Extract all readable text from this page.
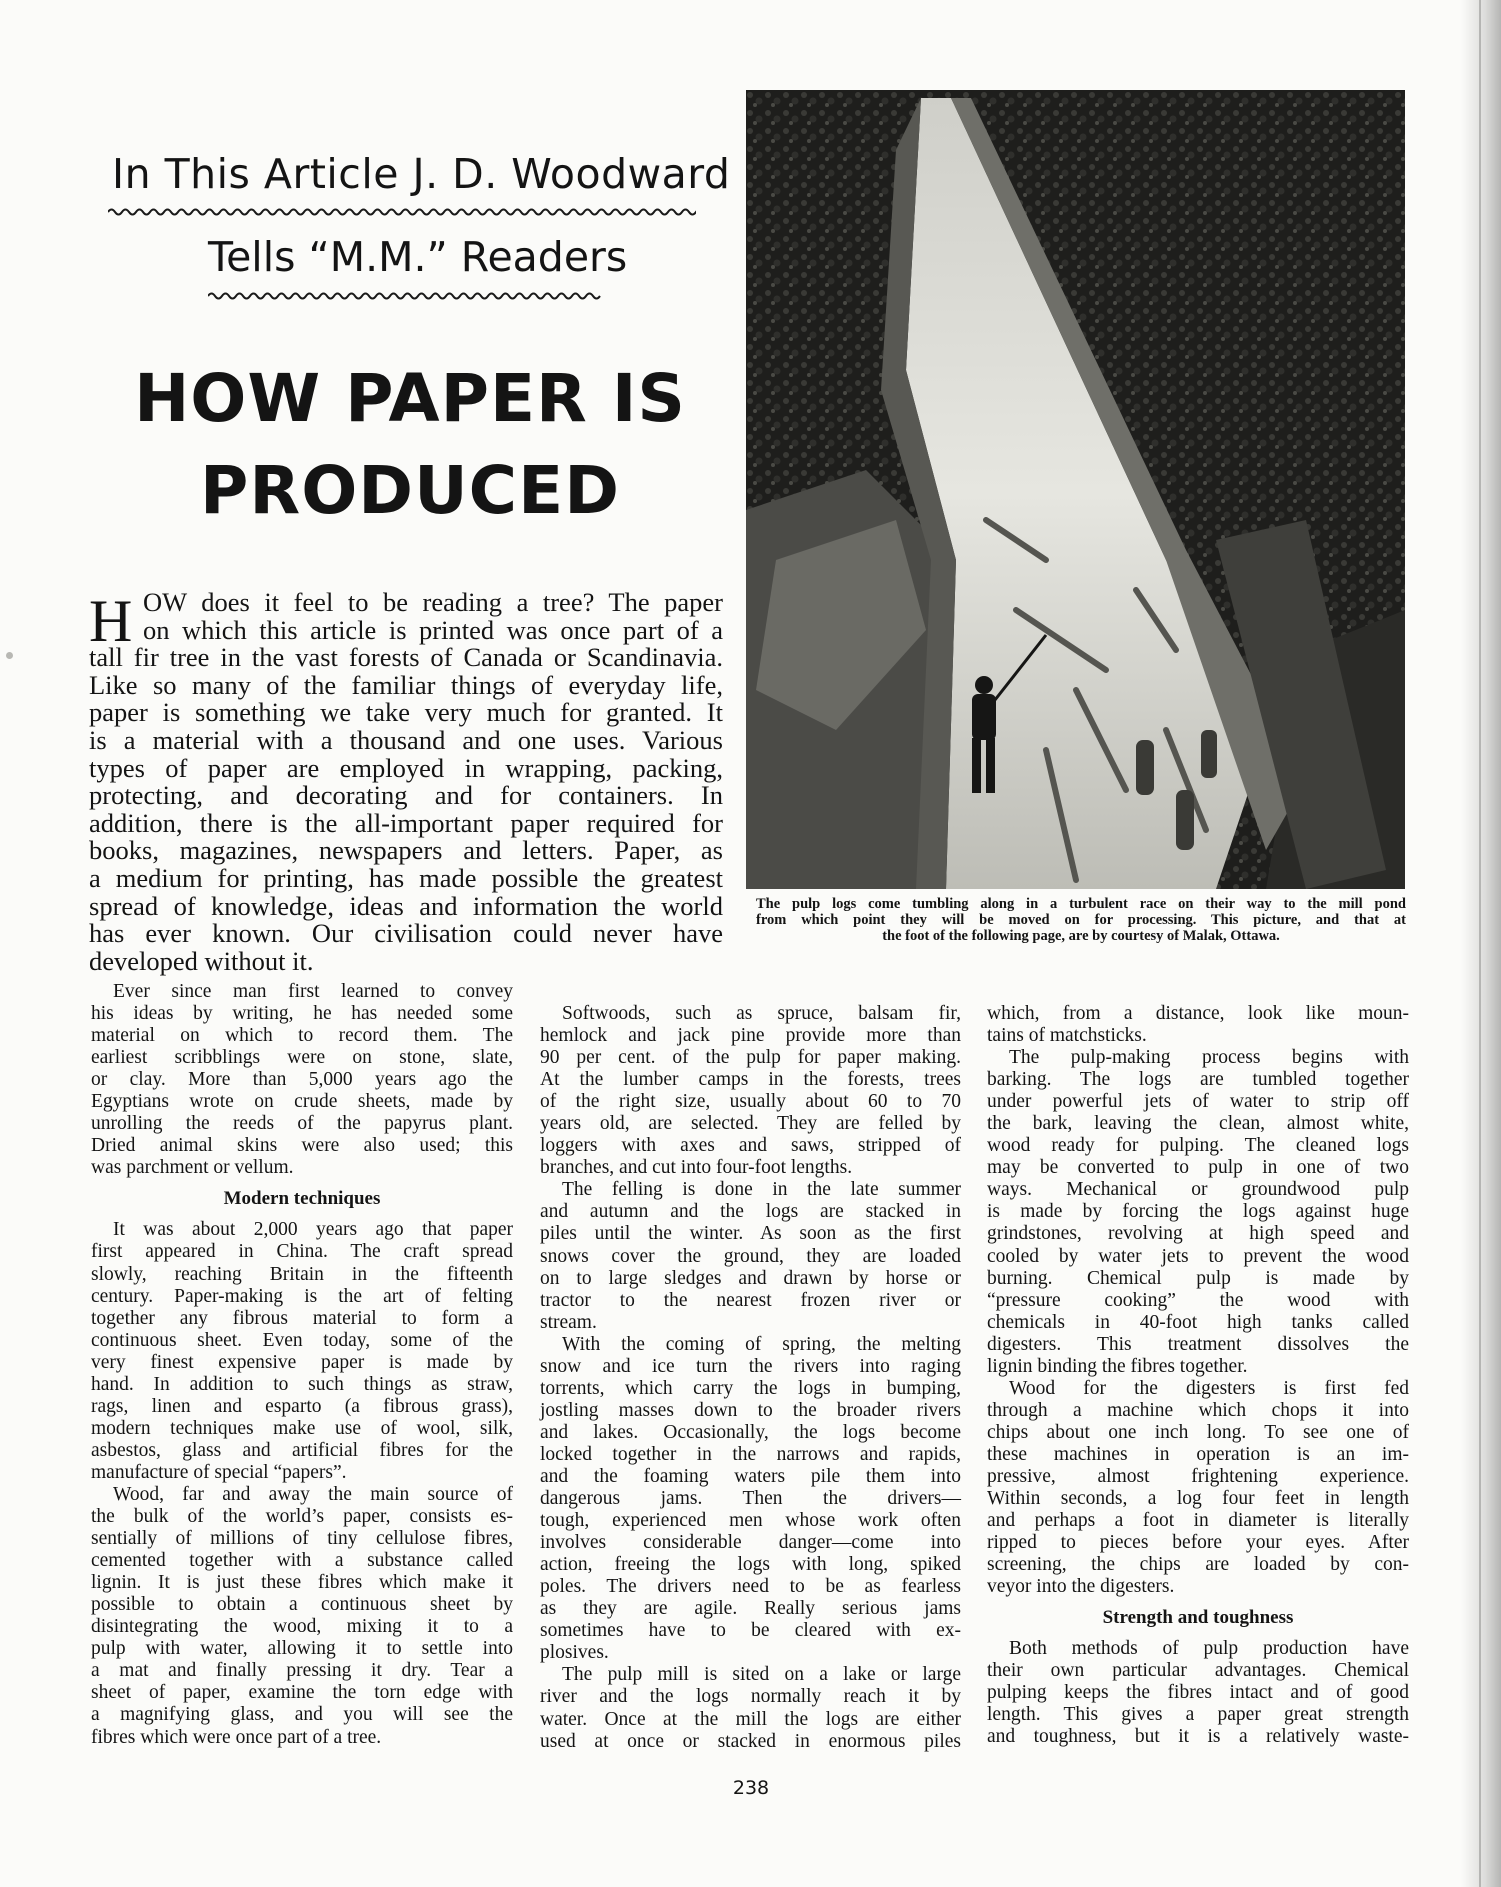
In This Article J. D. Woodward
Tells “M.M.” Readers
HOW PAPER IS
PRODUCED
H OW does it feel to be reading a tree? The paper
on which this article is printed was once part of a
tall fir tree in the vast forests of Canada or Scandinavia.
Like so many of the familiar things of everyday life,
paper is something we take very much for granted. It
is a material with a thousand and one uses. Various
types of paper are employed in wrapping, packing,
protecting, and decorating and for containers. In
addition, there is the all-important paper required for
books, magazines, newspapers and letters. Paper, as
a medium for printing, has made possible the greatest
spread of knowledge, ideas and information the world
has ever known. Our civilisation could never have
developed without it.
Ever since man first learned to convey
his ideas by writing, he has needed some
material on which to record them. The
earliest scribblings were on stone, slate,
or clay. More than 5,000 years ago the
Egyptians wrote on crude sheets, made by
unrolling the reeds of the papyrus plant.
Dried animal skins were also used; this
was parchment or vellum.
Modern techniques
It was about 2,000 years ago that paper
first appeared in China. The craft spread
slowly, reaching Britain in the fifteenth
century. Paper-making is the art of felting
together any fibrous material to form a
continuous sheet. Even today, some of the
very finest expensive paper is made by
hand. In addition to such things as straw,
rags, linen and esparto (a fibrous grass),
modern techniques make use of wool, silk,
asbestos, glass and artificial fibres for the
manufacture of special “papers”.
Wood, far and away the main source of
the bulk of the world’s paper, consists es-
sentially of millions of tiny cellulose fibres,
cemented together with a substance called
lignin. It is just these fibres which make it
possible to obtain a continuous sheet by
disintegrating the wood, mixing it to a
pulp with water, allowing it to settle into
a mat and finally pressing it dry. Tear a
sheet of paper, examine the torn edge with
a magnifying glass, and you will see the
fibres which were once part of a tree.
Softwoods, such as spruce, balsam fir,
hemlock and jack pine provide more than
90 per cent. of the pulp for paper making.
At the lumber camps in the forests, trees
of the right size, usually about 60 to 70
years old, are selected. They are felled by
loggers with axes and saws, stripped of
branches, and cut into four-foot lengths.
The felling is done in the late summer
and autumn and the logs are stacked in
piles until the winter. As soon as the first
snows cover the ground, they are loaded
on to large sledges and drawn by horse or
tractor to the nearest frozen river or
stream.
With the coming of spring, the melting
snow and ice turn the rivers into raging
torrents, which carry the logs in bumping,
jostling masses down to the broader rivers
and lakes. Occasionally, the logs become
locked together in the narrows and rapids,
and the foaming waters pile them into
dangerous jams. Then the drivers—
tough, experienced men whose work often
involves considerable danger—come into
action, freeing the logs with long, spiked
poles. The drivers need to be as fearless
as they are agile. Really serious jams
sometimes have to be cleared with ex-
plosives.
The pulp mill is sited on a lake or large
river and the logs normally reach it by
water. Once at the mill the logs are either
used at once or stacked in enormous piles
which, from a distance, look like moun-
tains of matchsticks.
The pulp-making process begins with
barking. The logs are tumbled together
under powerful jets of water to strip off
the bark, leaving the clean, almost white,
wood ready for pulping. The cleaned logs
may be converted to pulp in one of two
ways. Mechanical or groundwood pulp
is made by forcing the logs against huge
grindstones, revolving at high speed and
cooled by water jets to prevent the wood
burning. Chemical pulp is made by
“pressure cooking” the wood with
chemicals in 40-foot high tanks called
digesters. This treatment dissolves the
lignin binding the fibres together.
Wood for the digesters is first fed
through a machine which chops it into
chips about one inch long. To see one of
these machines in operation is an im-
pressive, almost frightening experience.
Within seconds, a log four feet in length
and perhaps a foot in diameter is literally
ripped to pieces before your eyes. After
screening, the chips are loaded by con-
veyor into the digesters.
Strength and toughness
Both methods of pulp production have
their own particular advantages. Chemical
pulping keeps the fibres intact and of good
length. This gives a paper great strength
and toughness, but it is a relatively waste-
The pulp logs come tumbling along in a turbulent race on their way to the mill pond
from which point they will be moved on for processing. This picture, and that at
the foot of the following page, are by courtesy of Malak, Ottawa.
238
